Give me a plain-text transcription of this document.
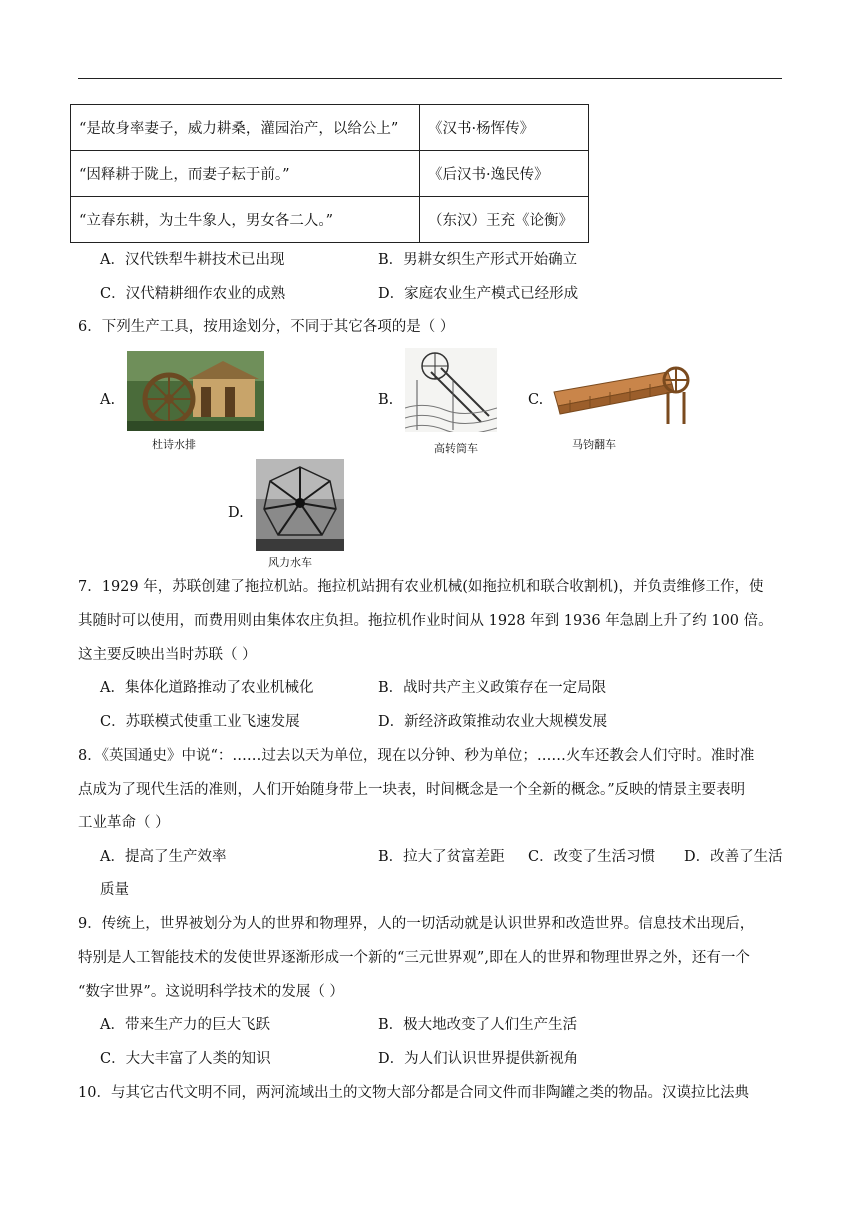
“是故身率妻子，威力耕桑，灌园治产，以给公上”	《汉书·杨恽传》
“因释耕于陇上，而妻子耘于前。”	《后汉书·逸民传》
“立春东耕，为土牛象人，男女各二人。”	（东汉）王充《论衡》
A．汉代铁犁牛耕技术已出现	B．男耕女织生产形式开始确立
C．汉代精耕细作农业的成熟	D．家庭农业生产模式已经形成
6．下列生产工具，按用途划分，不同于其它各项的是（ ）
A.
杜诗水排
B.
高转筒车
C.
马钧翻车
D.
风力水车
7．1929 年，苏联创建了拖拉机站。拖拉机站拥有农业机械(如拖拉机和联合收割机)，并负责维修工作，使
其随时可以使用，而费用则由集体农庄负担。拖拉机作业时间从 1928 年到 1936 年急剧上升了约 100 倍。
这主要反映出当时苏联（ ）
A．集体化道路推动了农业机械化	B．战时共产主义政策存在一定局限
C．苏联模式使重工业飞速发展	D．新经济政策推动农业大规模发展
8．《英国通史》中说“：……过去以天为单位，现在以分钟、秒为单位；……火车还教会人们守时。准时准
点成为了现代生活的准则，人们开始随身带上一块表，时间概念是一个全新的概念。”反映的情景主要表明
工业革命（ ）
A．提高了生产效率	B．拉大了贫富差距 C．改变了生活习惯 D．改善了生活
质量
9．传统上，世界被划分为人的世界和物理界，人的一切活动就是认识世界和改造世界。信息技术出现后，
特别是人工智能技术的发使世界逐渐形成一个新的“三元世界观”,即在人的世界和物理世界之外，还有一个
“数字世界”。这说明科学技术的发展（ ）
A．带来生产力的巨大飞跃	B．极大地改变了人们生产生活
C．大大丰富了人类的知识	D．为人们认识世界提供新视角
10．与其它古代文明不同，两河流域出土的文物大部分都是合同文件而非陶罐之类的物品。汉谟拉比法典
